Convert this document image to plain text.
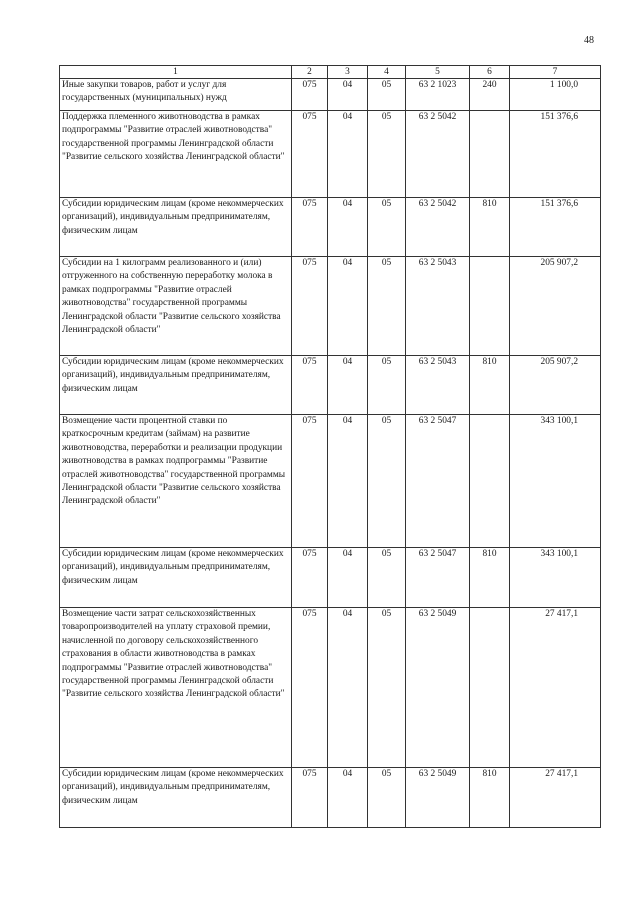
48
1	2	3	4	5	6	7
Иные закупки товаров, работ и услуг для государственных (муниципальных) нужд	075	04	05	63 2 1023	240	1 100,0
Поддержка племенного животноводства в рамках подпрограммы "Развитие отраслей животноводства" государственной программы Ленинградской области "Развитие сельского хозяйства Ленинградской области"	075	04	05	63 2 5042		151 376,6
Субсидии юридическим лицам (кроме некоммерческих организаций), индивидуальным предпринимателям, физическим лицам	075	04	05	63 2 5042	810	151 376,6
Субсидии на 1 килограмм реализованного и (или) отгруженного на собственную переработку молока в рамках подпрограммы "Развитие отраслей животноводства" государственной программы Ленинградской области "Развитие сельского хозяйства Ленинградской области"	075	04	05	63 2 5043		205 907,2
Субсидии юридическим лицам (кроме некоммерческих организаций), индивидуальным предпринимателям, физическим лицам	075	04	05	63 2 5043	810	205 907,2
Возмещение части процентной ставки по краткосрочным кредитам (займам) на развитие животноводства, переработки и реализации продукции животноводства в рамках подпрограммы "Развитие отраслей животноводства" государственной программы Ленинградской области "Развитие сельского хозяйства Ленинградской области"	075	04	05	63 2 5047		343 100,1
Субсидии юридическим лицам (кроме некоммерческих организаций), индивидуальным предпринимателям, физическим лицам	075	04	05	63 2 5047	810	343 100,1
Возмещение части затрат сельскохозяйственных товаропроизводителей на уплату страховой премии, начисленной по договору сельскохозяйственного страхования в области животноводства в рамках подпрограммы "Развитие отраслей животноводства" государственной программы Ленинградской области "Развитие сельского хозяйства Ленинградской области"	075	04	05	63 2 5049		27 417,1
Субсидии юридическим лицам (кроме некоммерческих организаций), индивидуальным предпринимателям, физическим лицам	075	04	05	63 2 5049	810	27 417,1
